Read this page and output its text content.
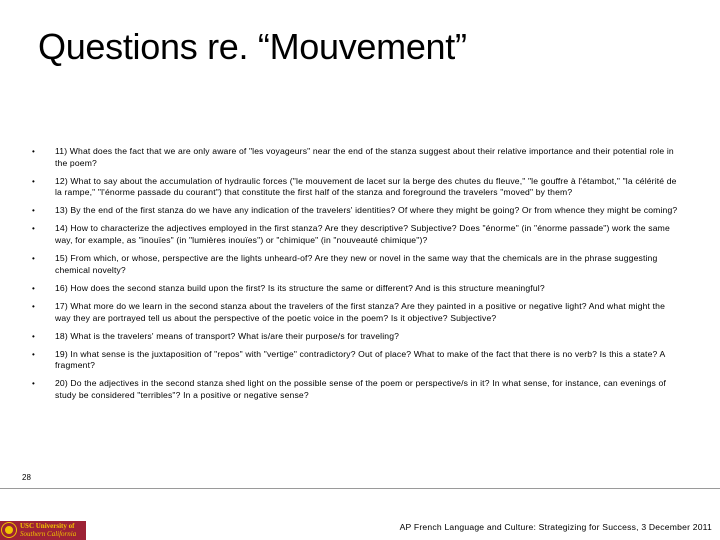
Questions re. “Mouvement”
• 11) What does the fact that we are only aware of "les voyageurs" near the end of the stanza suggest about their relative importance and their potential role in the poem?
• 12) What to say about the accumulation of hydraulic forces ("le mouvement de lacet sur la berge des chutes du fleuve," "le gouffre à l'étambot," "la célérité de la rampe," "l'énorme passade du courant") that constitute the first half of the stanza and foreground the travelers "moved" by them?
• 13) By the end of the first stanza do we have any indication of the travelers' identities? Of where they might be going? Or from whence they might be coming?
• 14) How to characterize the adjectives employed in the first stanza? Are they descriptive? Subjective? Does "énorme" (in "énorme passade") work the same way, for example, as "inouïes" (in "lumières inouïes") or "chimique" (in "nouveauté chimique")?
• 15) From which, or whose, perspective are the lights unheard-of? Are they new or novel in the same way that the chemicals are in the phrase suggesting chemical novelty?
• 16) How does the second stanza build upon the first? Is its structure the same or different? And is this structure meaningful?
• 17) What more do we learn in the second stanza about the travelers of the first stanza? Are they painted in a positive or negative light? And what might the way they are portrayed tell us about the perspective of the poetic voice in the poem? Is it objective? Subjective?
• 18) What is the travelers' means of transport? What is/are their purpose/s for traveling?
• 19) In what sense is the juxtaposition of "repos" with "vertige" contradictory? Out of place? What to make of the fact that there is no verb? Is this a state? A fragment?
• 20) Do the adjectives in the second stanza shed light on the possible sense of the poem or perspective/s in it? In what sense, for instance, can evenings of study be considered "terribles"? In a positive or negative sense?
28
USC University of
Southern California
AP French Language and Culture: Strategizing for Success, 3 December 2011
